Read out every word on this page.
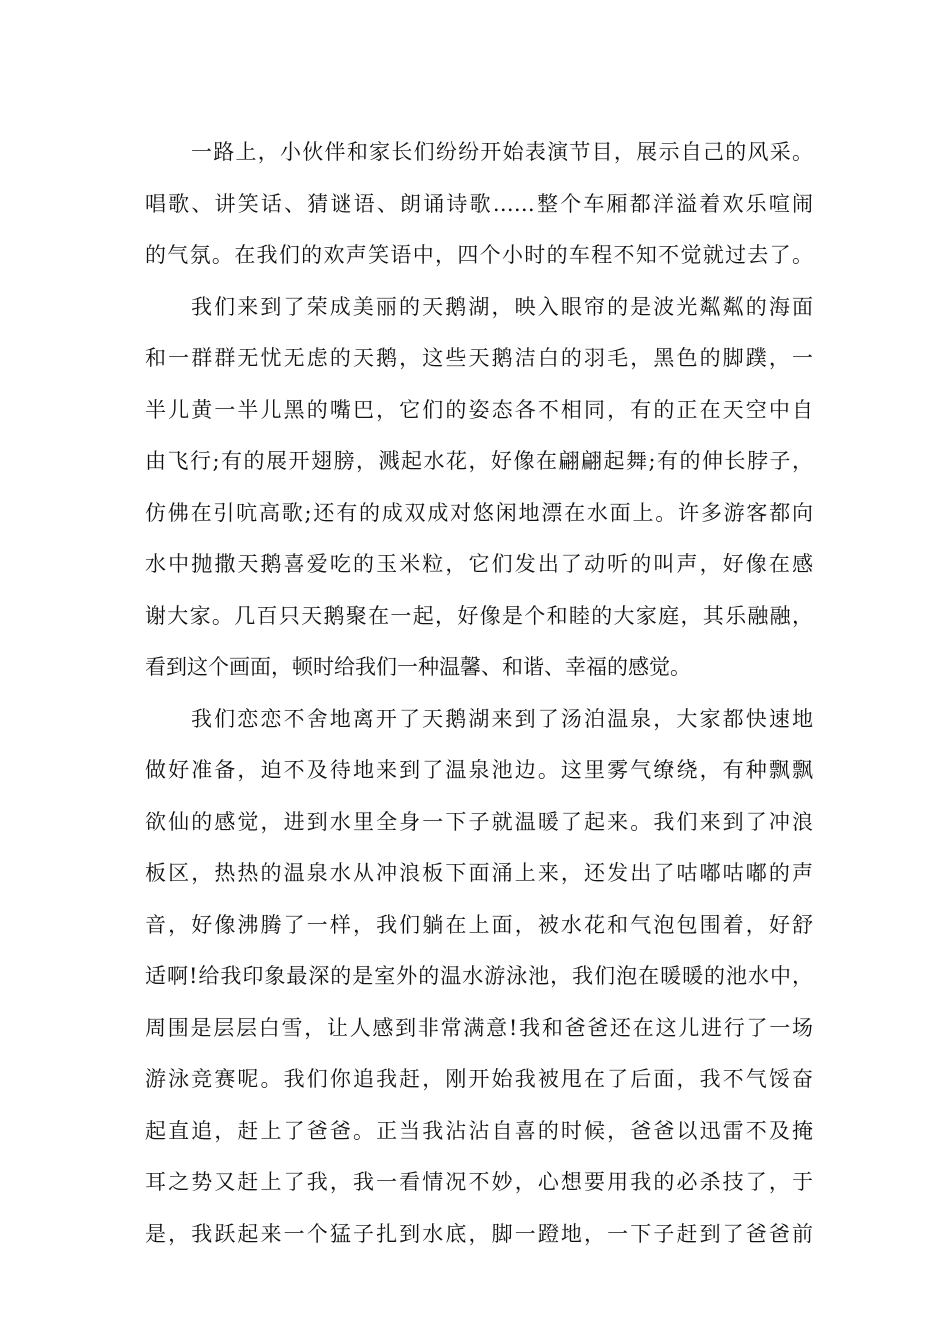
一路上，小伙伴和家长们纷纷开始表演节目，展示自己的风采。
唱歌、讲笑话、猜谜语、朗诵诗歌……整个车厢都洋溢着欢乐喧闹
的气氛。在我们的欢声笑语中，四个小时的车程不知不觉就过去了。
我们来到了荣成美丽的天鹅湖，映入眼帘的是波光粼粼的海面
和一群群无忧无虑的天鹅，这些天鹅洁白的羽毛，黑色的脚蹼，一
半儿黄一半儿黑的嘴巴，它们的姿态各不相同，有的正在天空中自
由飞行;有的展开翅膀，溅起水花，好像在翩翩起舞;有的伸长脖子，
仿佛在引吭高歌;还有的成双成对悠闲地漂在水面上。许多游客都向
水中抛撒天鹅喜爱吃的玉米粒，它们发出了动听的叫声，好像在感
谢大家。几百只天鹅聚在一起，好像是个和睦的大家庭，其乐融融，
看到这个画面，顿时给我们一种温馨、和谐、幸福的感觉。
我们恋恋不舍地离开了天鹅湖来到了汤泊温泉，大家都快速地
做好准备，迫不及待地来到了温泉池边。这里雾气缭绕，有种飘飘
欲仙的感觉，进到水里全身一下子就温暖了起来。我们来到了冲浪
板区，热热的温泉水从冲浪板下面涌上来，还发出了咕嘟咕嘟的声
音，好像沸腾了一样，我们躺在上面，被水花和气泡包围着，好舒
适啊!给我印象最深的是室外的温水游泳池，我们泡在暖暖的池水中，
周围是层层白雪，让人感到非常满意!我和爸爸还在这儿进行了一场
游泳竞赛呢。我们你追我赶，刚开始我被甩在了后面，我不气馁奋
起直追，赶上了爸爸。正当我沾沾自喜的时候，爸爸以迅雷不及掩
耳之势又赶上了我，我一看情况不妙，心想要用我的必杀技了，于
是，我跃起来一个猛子扎到水底，脚一蹬地，一下子赶到了爸爸前
